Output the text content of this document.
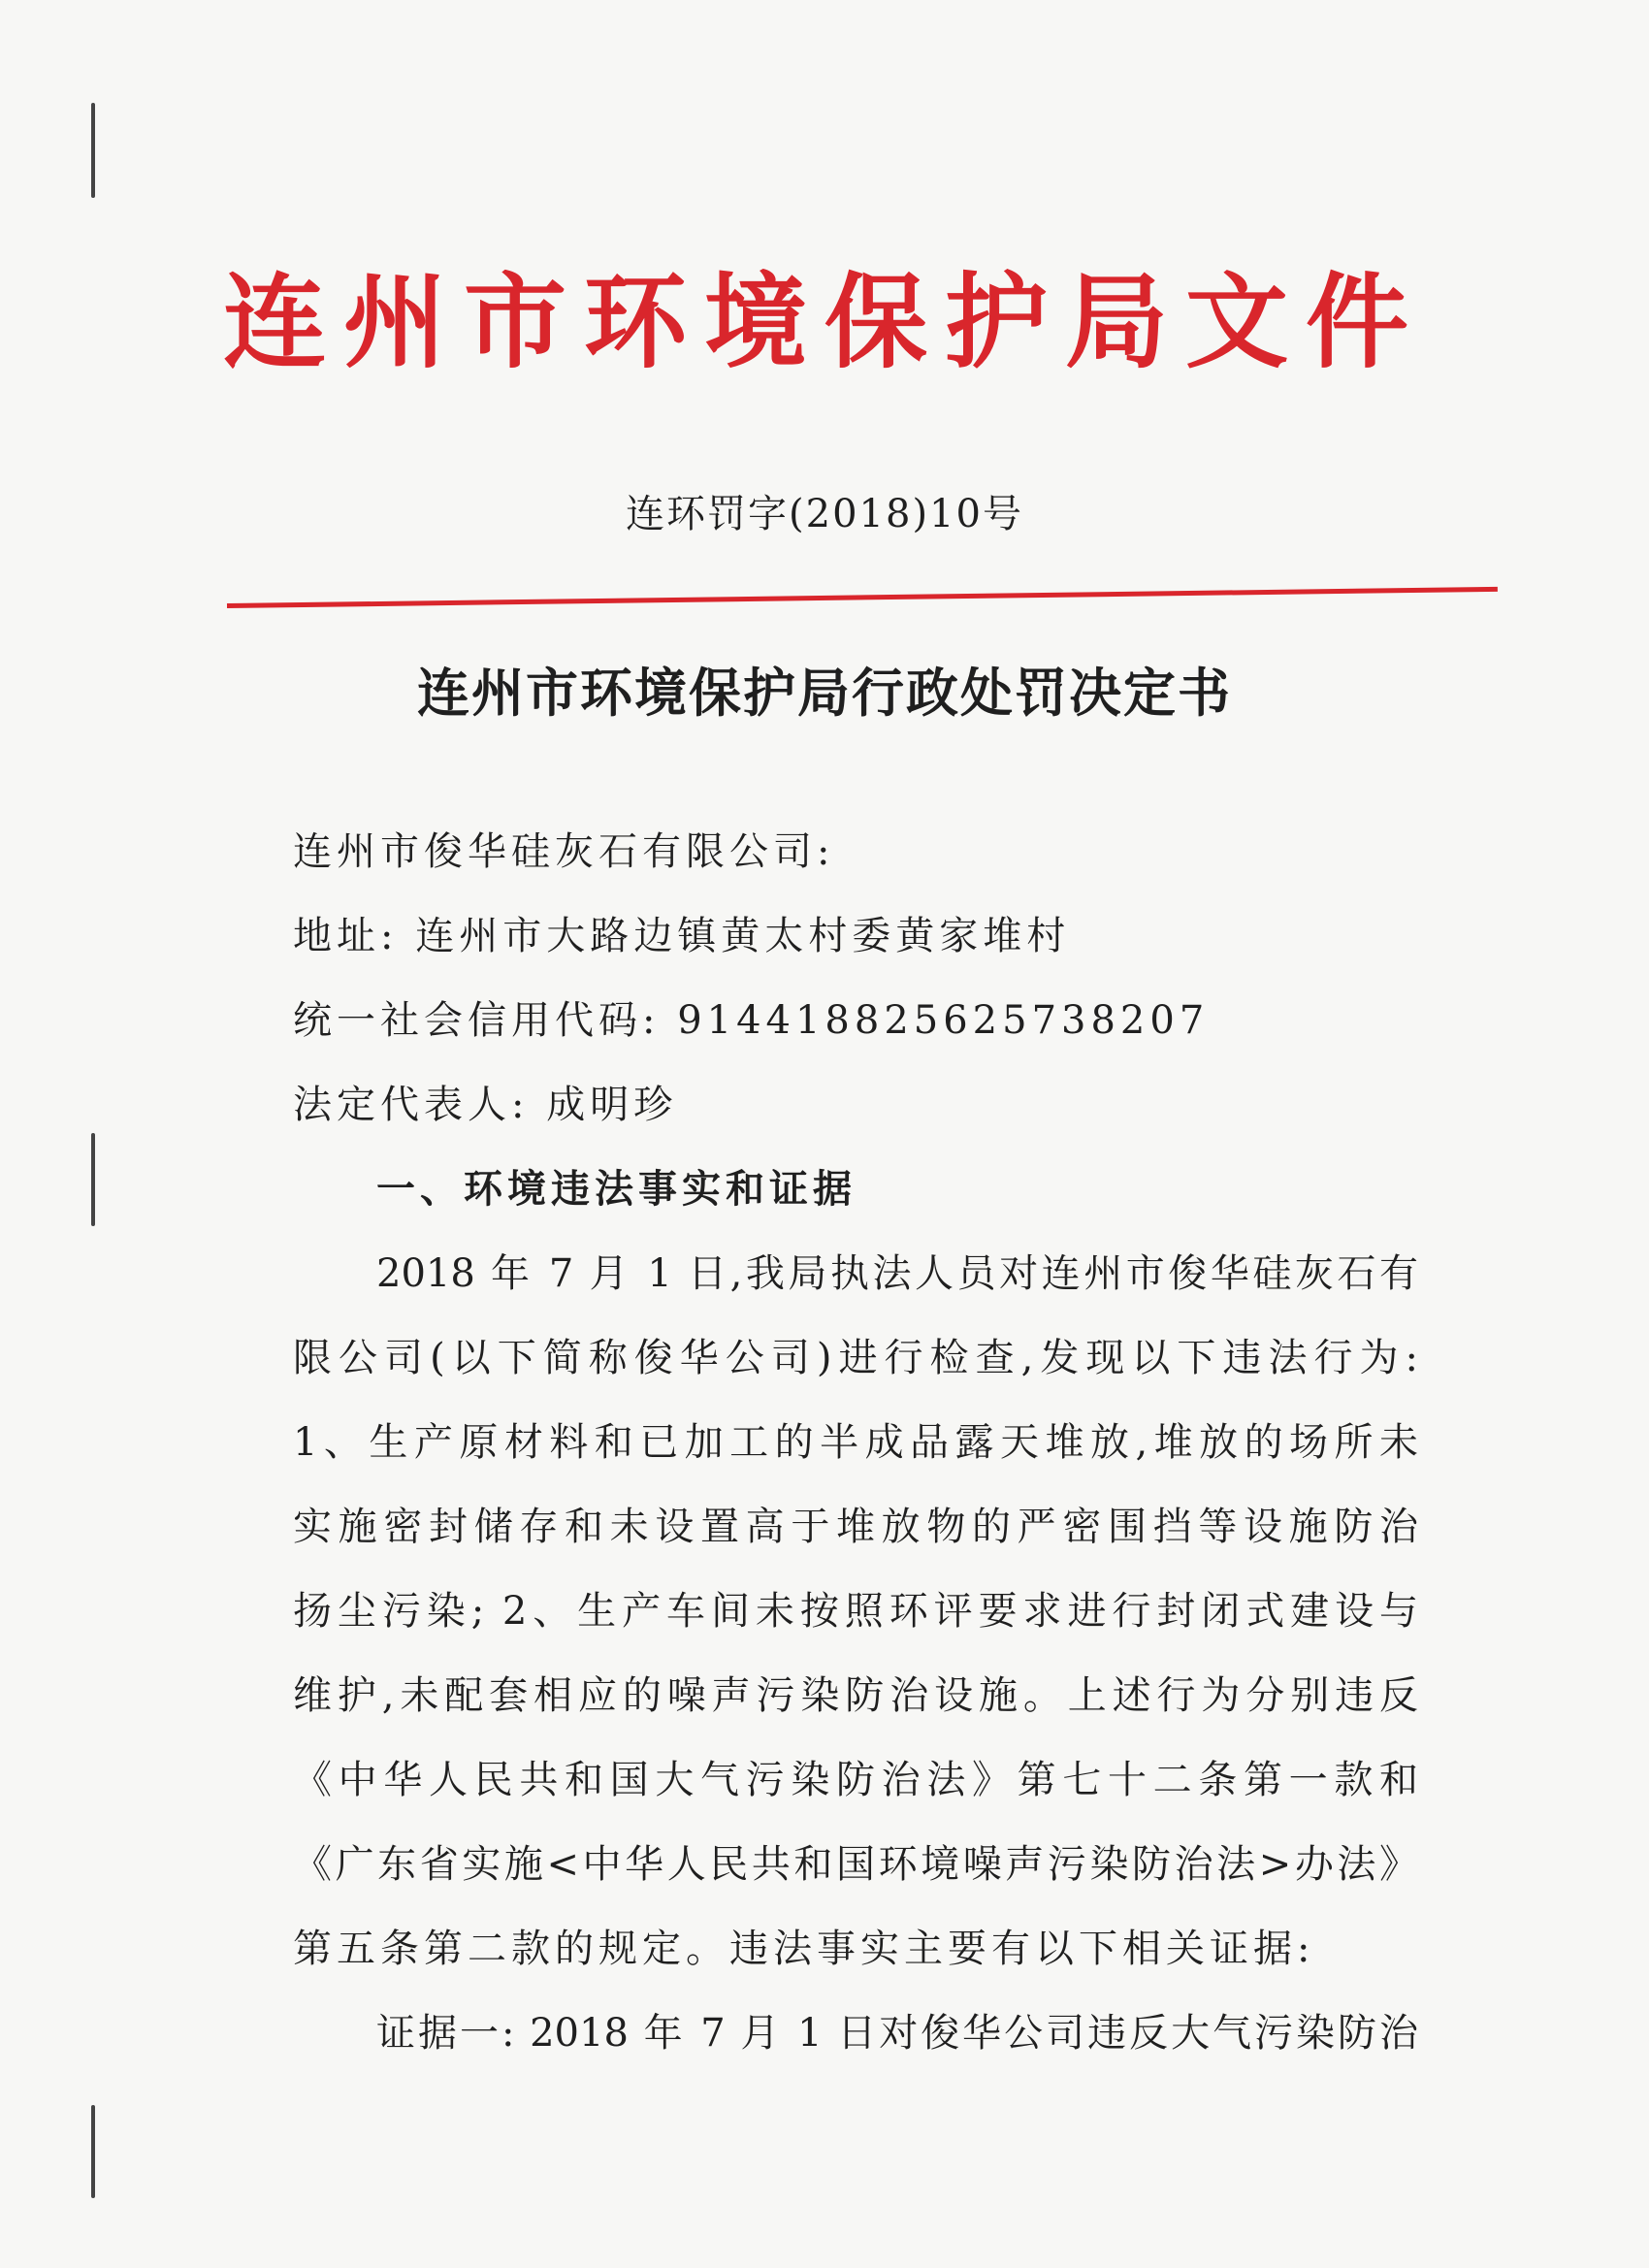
连州市环境保护局文件
连环罚字(2018)10号
连州市环境保护局行政处罚决定书
连州市俊华硅灰石有限公司:
地址: 连州市大路边镇黄太村委黄家堆村
统一社会信用代码: 91441882562573820​7
法定代表人: 成明珍
一、环境违法事实和证据
2018 年 7 月 1 日,我局执法人员对连州市俊华硅灰石有
限公司(以下简称俊华公司)进行检查,发现以下违法行为:
1、生产原材料和已加工的半成品露天堆放,堆放的场所未
实施密封储存和未设置高于堆放物的严密围挡等设施防治
扬尘污染; 2、生产车间未按照环评要求进行封闭式建设与
维护,未配套相应的噪声污染防治设施。上述行为分别违反
《中华人民共和国大气污染防治法》第七十二条第一款和
《广东省实施<中华人民共和国环境噪声污染防治法>办法》
第五条第二款的规定。违法事实主要有以下相关证据:
证据一: 2018 年 7 月 1 日对俊华公司违反大气污染防治
